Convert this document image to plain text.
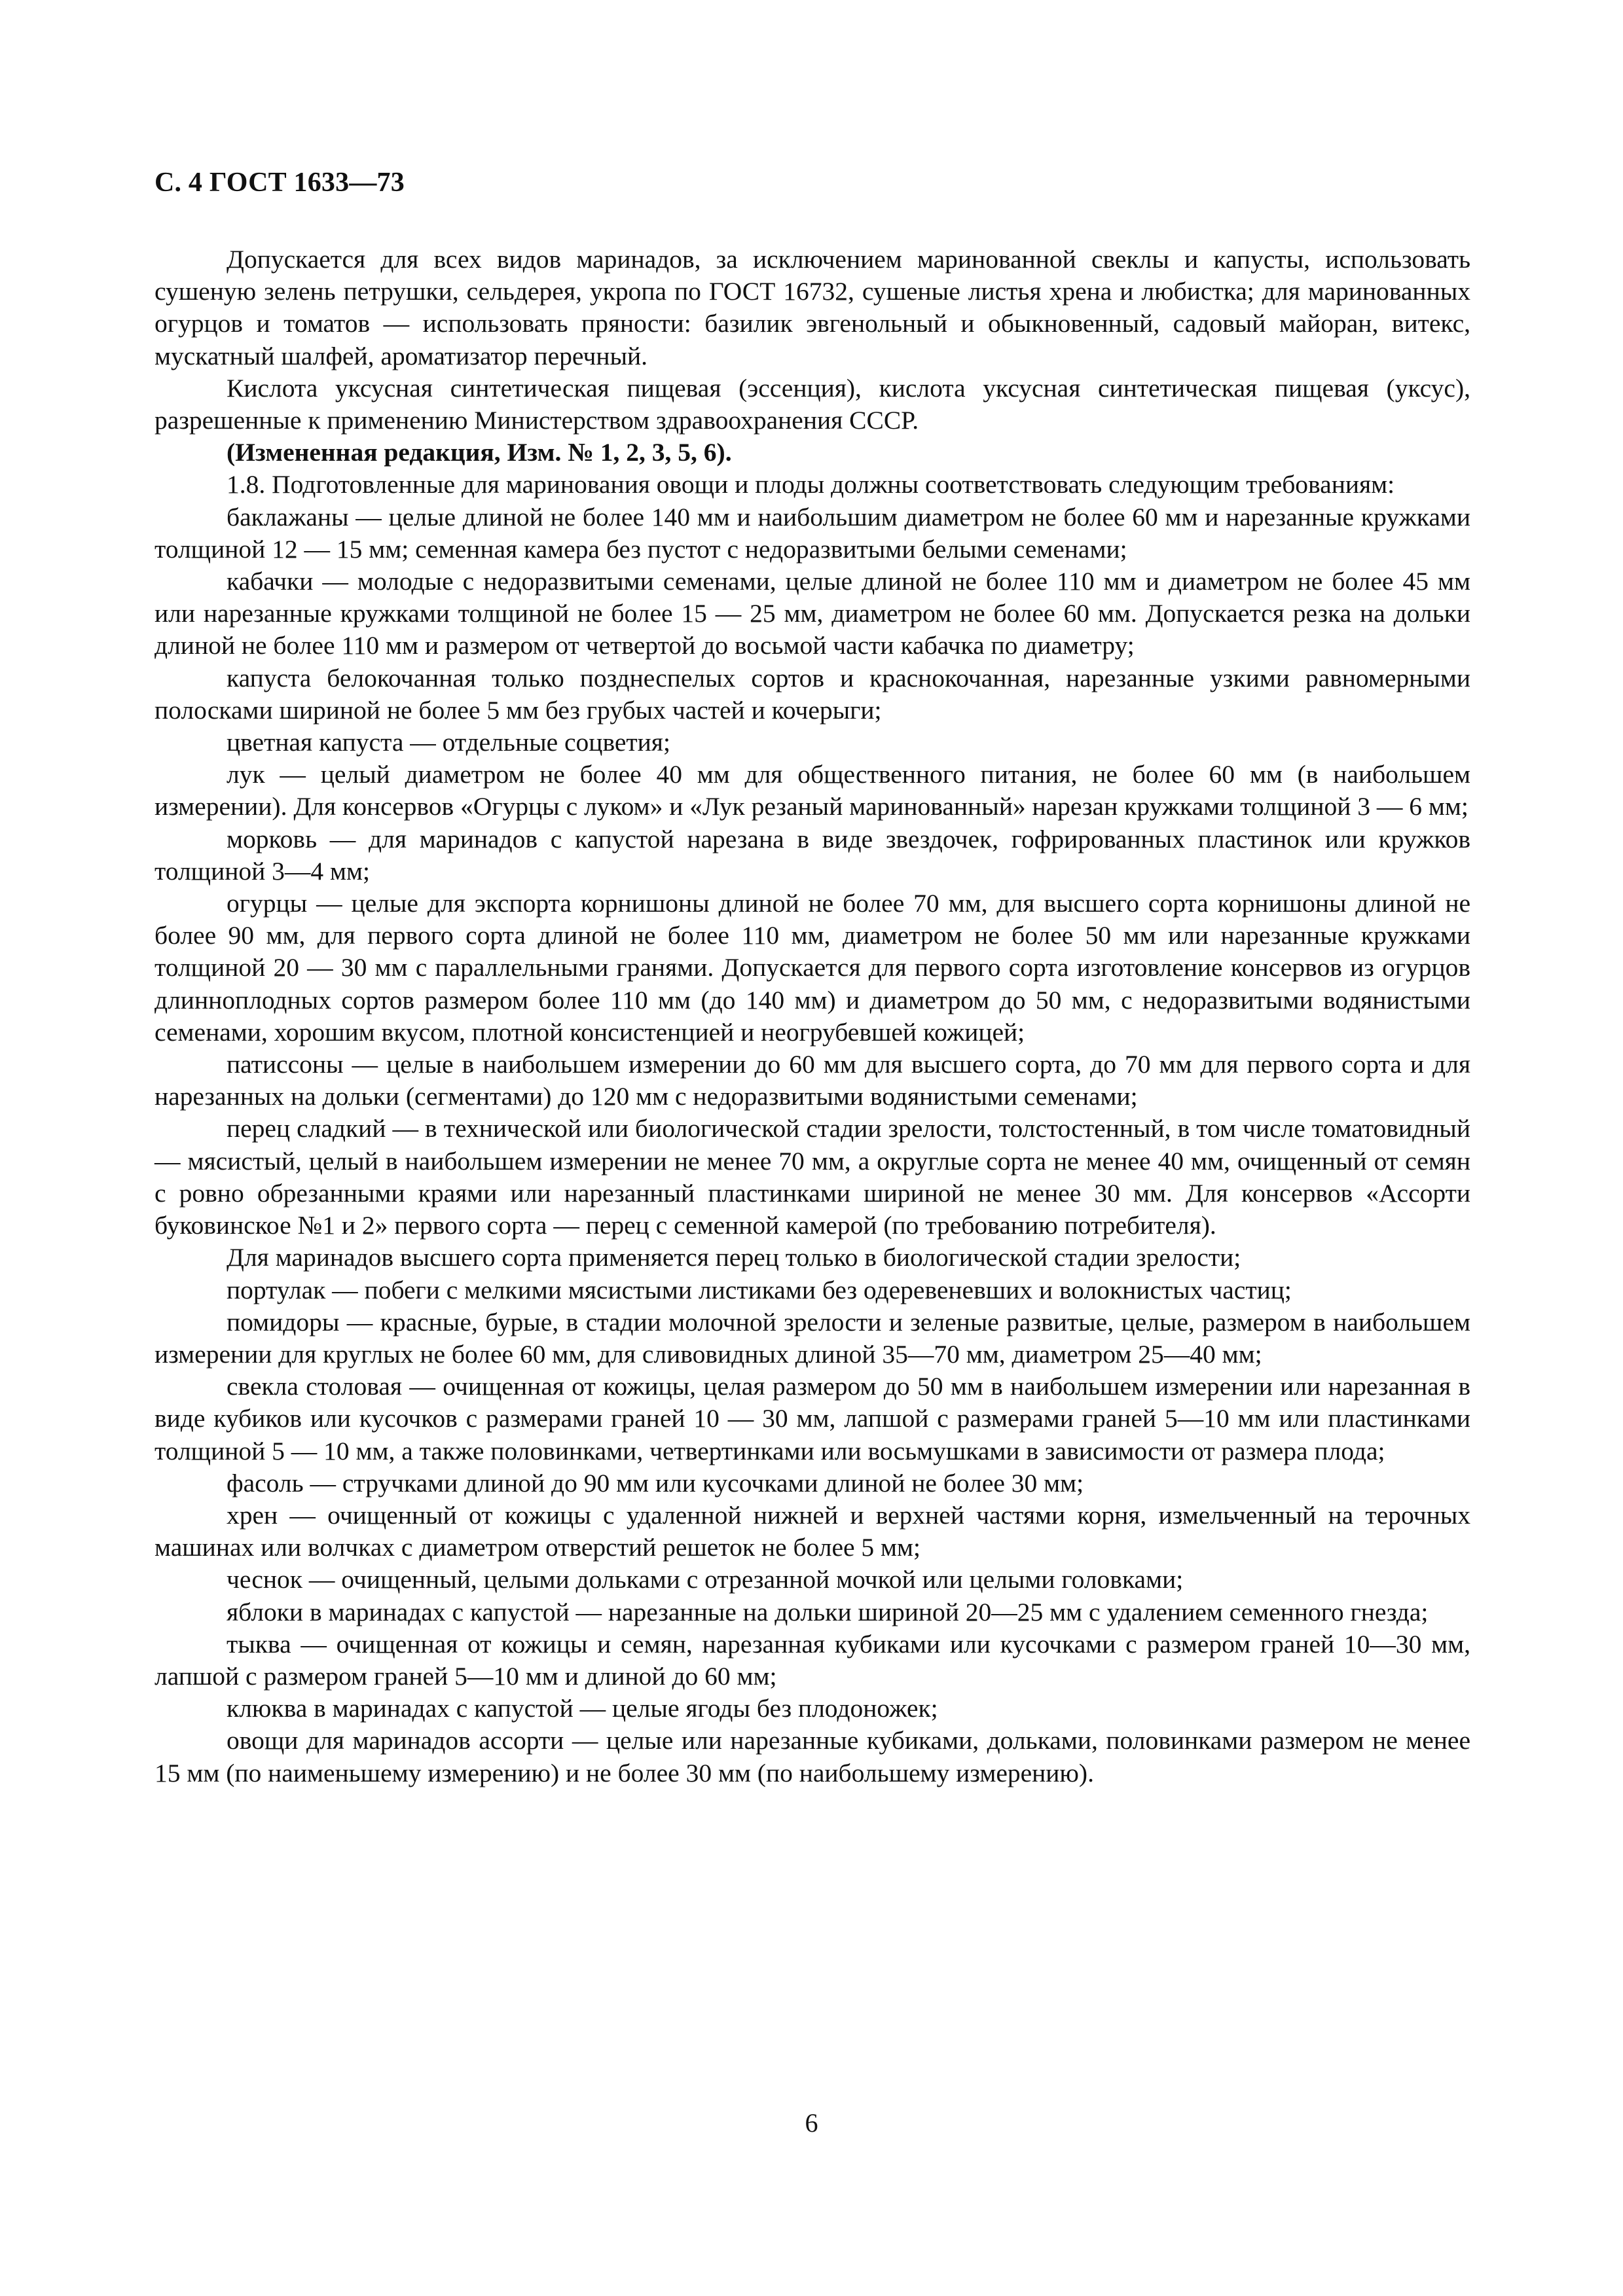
С. 4 ГОСТ 1633—73

Допускается для всех видов маринадов, за исключением маринованной свеклы и капусты, использовать сушеную зелень петрушки, сельдерея, укропа по ГОСТ 16732, сушеные листья хрена и любистка; для маринованных огурцов и томатов — использовать пряности: базилик эвгенольный и обыкновенный, садовый майоран, витекс, мускатный шалфей, ароматизатор перечный.

Кислота уксусная синтетическая пищевая (эссенция), кислота уксусная синтетическая пищевая (уксус), разрешенные к применению Министерством здравоохранения СССР.

(Измененная редакция, Изм. № 1, 2, 3, 5, 6).

1.8. Подготовленные для маринования овощи и плоды должны соответствовать следующим требованиям:

баклажаны — целые длиной не более 140 мм и наибольшим диаметром не более 60 мм и нарезанные кружками толщиной 12 — 15 мм; семенная камера без пустот с недоразвитыми белыми семенами;

кабачки — молодые с недоразвитыми семенами, целые длиной не более 110 мм и диаметром не более 45 мм или нарезанные кружками толщиной не более 15 — 25 мм, диаметром не более 60 мм. Допускается резка на дольки длиной не более 110 мм и размером от четвертой до восьмой части кабачка по диаметру;

капуста белокочанная только позднеспелых сортов и краснокочанная, нарезанные узкими равномерными полосками шириной не более 5 мм без грубых частей и кочерыги;

цветная капуста — отдельные соцветия;

лук — целый диаметром не более 40 мм для общественного питания, не более 60 мм (в наибольшем измерении). Для консервов «Огурцы с луком» и «Лук резаный маринованный» нарезан кружками толщиной 3 — 6 мм;

морковь — для маринадов с капустой нарезана в виде звездочек, гофрированных пластинок или кружков толщиной 3—4 мм;

огурцы — целые для экспорта корнишоны длиной не более 70 мм, для высшего сорта корнишоны длиной не более 90 мм, для первого сорта длиной не более 110 мм, диаметром не более 50 мм или нарезанные кружками толщиной 20 — 30 мм с параллельными гранями. Допускается для первого сорта изготовление консервов из огурцов длинноплодных сортов размером более 110 мм (до 140 мм) и диаметром до 50 мм, с недоразвитыми водянистыми семенами, хорошим вкусом, плотной консистенцией и неогрубевшей кожицей;

патиссоны — целые в наибольшем измерении до 60 мм для высшего сорта, до 70 мм для первого сорта и для нарезанных на дольки (сегментами) до 120 мм с недоразвитыми водянистыми семенами;

перец сладкий — в технической или биологической стадии зрелости, толстостенный, в том числе томатовидный — мясистый, целый в наибольшем измерении не менее 70 мм, а округлые сорта не менее 40 мм, очищенный от семян с ровно обрезанными краями или нарезанный пластинками шириной не менее 30 мм. Для консервов «Ассорти буковинское №1 и 2» первого сорта — перец с семенной камерой (по требованию потребителя).

Для маринадов высшего сорта применяется перец только в биологической стадии зрелости;

портулак — побеги с мелкими мясистыми листиками без одеревеневших и волокнистых частиц;

помидоры — красные, бурые, в стадии молочной зрелости и зеленые развитые, целые, размером в наибольшем измерении для круглых не более 60 мм, для сливовидных длиной 35—70 мм, диаметром 25—40 мм;

свекла столовая — очищенная от кожицы, целая размером до 50 мм в наибольшем измерении или нарезанная в виде кубиков или кусочков с размерами граней 10 — 30 мм, лапшой с размерами граней 5—10 мм или пластинками толщиной 5 — 10 мм, а также половинками, четвертинками или восьмушками в зависимости от размера плода;

фасоль — стручками длиной до 90 мм или кусочками длиной не более 30 мм;

хрен — очищенный от кожицы с удаленной нижней и верхней частями корня, измельченный на терочных машинах или волчках с диаметром отверстий решеток не более 5 мм;

чеснок — очищенный, целыми дольками с отрезанной мочкой или целыми головками;

яблоки в маринадах с капустой — нарезанные на дольки шириной 20—25 мм с удалением семенного гнезда;

тыква — очищенная от кожицы и семян, нарезанная кубиками или кусочками с размером граней 10—30 мм, лапшой с размером граней 5—10 мм и длиной до 60 мм;

клюква в маринадах с капустой — целые ягоды без плодоножек;

овощи для маринадов ассорти — целые или нарезанные кубиками, дольками, половинками размером не менее 15 мм (по наименьшему измерению) и не более 30 мм (по наибольшему измерению).

6
